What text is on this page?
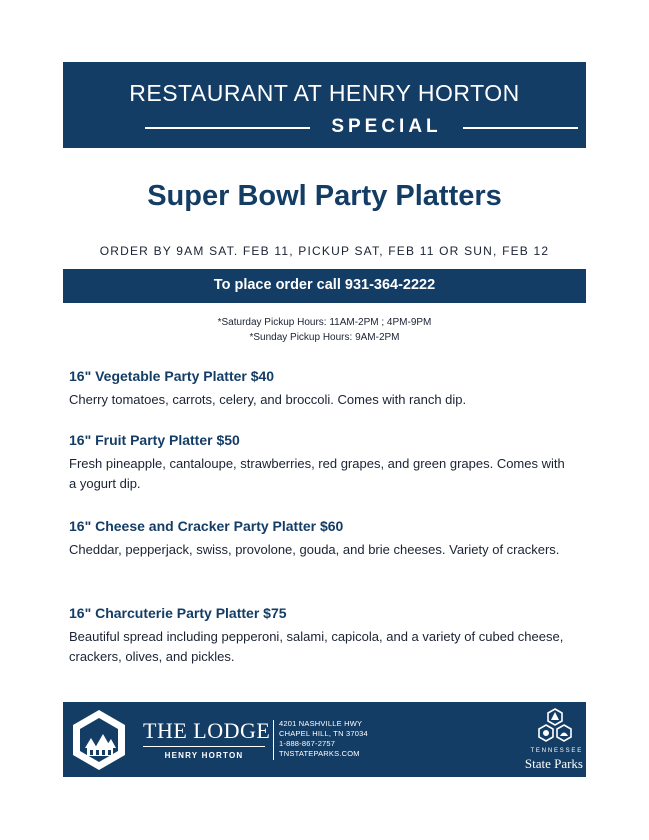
RESTAURANT AT HENRY HORTON
SPECIAL
Super Bowl Party Platters
ORDER BY 9AM SAT. FEB 11, PICKUP SAT, FEB 11 OR SUN, FEB 12
To place order call 931-364-2222
*Saturday Pickup Hours: 11AM-2PM ; 4PM-9PM
*Sunday Pickup Hours: 9AM-2PM
16" Vegetable Party Platter $40
Cherry tomatoes, carrots, celery, and broccoli. Comes with ranch dip.
16" Fruit Party Platter $50
Fresh pineapple, cantaloupe, strawberries, red grapes, and green grapes. Comes with a yogurt dip.
16" Cheese and Cracker Party Platter $60
Cheddar, pepperjack, swiss, provolone, gouda, and brie cheeses. Variety of crackers.
16" Charcuterie Party Platter $75
Beautiful spread including pepperoni, salami, capicola, and a variety of cubed cheese, crackers, olives, and pickles.
THE LODGE
HENRY HORTON
4201 NASHVILLE HWY
CHAPEL HILL, TN 37034
1-888-867-2757
TNSTATEPARKS.COM	TENNESSEE
State Parks
